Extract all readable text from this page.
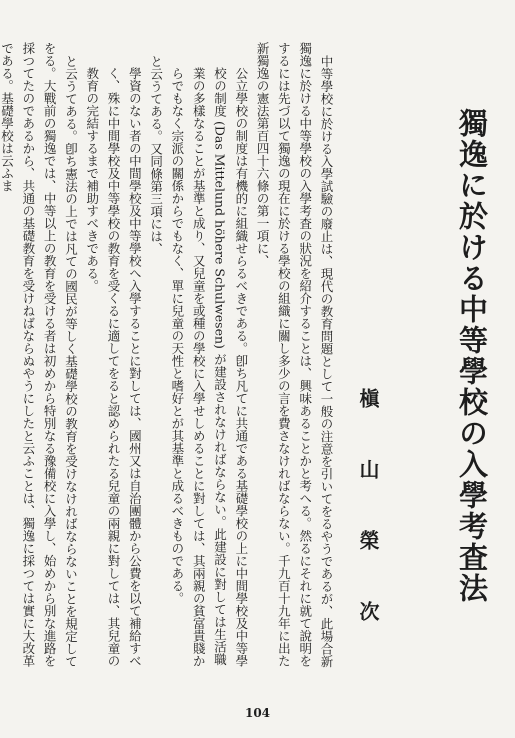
獨逸に於ける中等學校の入學考査法
槇 山 榮 次

中等學校に於ける入學試驗の廢止は、現代の教育問題として一般の注意を引いてをるやうであるが、此場合新獨逸に於ける中等學校の入學考査の狀況を紹介することは、興味あることかと考へる。然るにそれに就て說明をするには先づ以て獨逸の現在に於ける學校の組織に關し多少の言を費さなければならない。千九百十九年に出た新獨逸の憲法第百四十六條の第一項に、

公立學校の制度は有機的に組織せらるべきである。卽ち凡てに共通である基礎學校の上に中間學校及中等學校の制度 (Das Mittelund höhere Schulwesen) が建設されなければならない。此建設に對しては生活職業の多樣なることが基準と成り、又兒童を或種の學校に入學せしめることに對しては、其兩親の貧富貴賤からでもなく宗派の關係からでもなく、單に兒童の天性と嗜好とが其基準と成るべきものである。

と云うてある。又同條第三項には、

學資のない者の中間學校及中等學校へ入學することに對しては、國州又は自治團體から公費を以て補給すべく、殊に中間學校及中等學校の教育を受くるに適してをると認められたる兒童の兩親に對しては、其兒童の教育の完結するまで補助すべきである。

と云うてある。卽ち憲法の上では凡ての國民が等しく基礎學校の教育を受けなければならないことを規定してをる。大戰前の獨逸では、中等以上の教育を受ける者は初めから特別なる豫備校に入學し、始めから別な進路を採つてたのであるから、共通の基礎教育を受けねばならぬやうにしたと云ふことは、獨逸に採つては實に大改革である。基礎學校は云ふま

104
